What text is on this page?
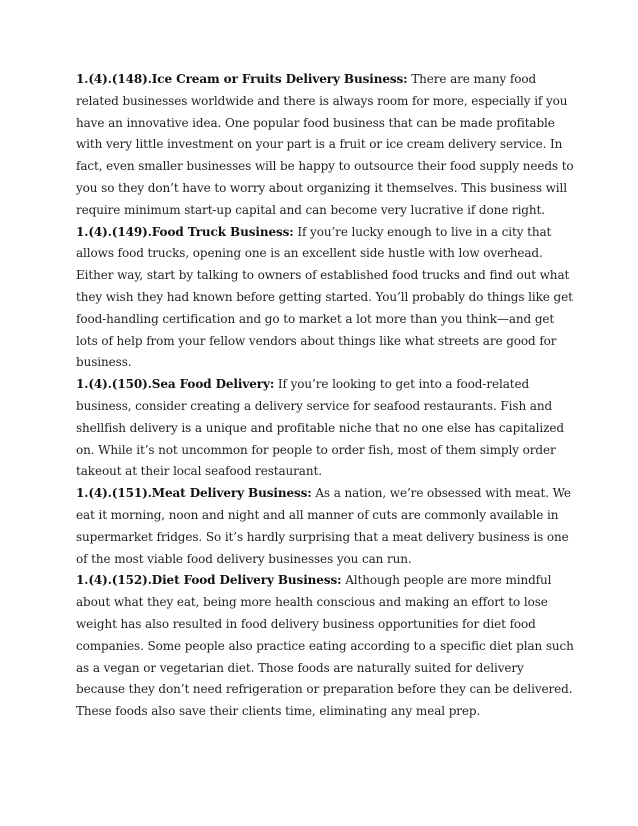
1.(4).(148).Ice Cream or Fruits Delivery Business: There are many food related businesses worldwide and there is always room for more, especially if you have an innovative idea. One popular food business that can be made profitable with very little investment on your part is a fruit or ice cream delivery service. In fact, even smaller businesses will be happy to outsource their food supply needs to you so they don’t have to worry about organizing it themselves. This business will require minimum start-up capital and can become very lucrative if done right.

1.(4).(149).Food Truck Business: If you’re lucky enough to live in a city that allows food trucks, opening one is an excellent side hustle with low overhead. Either way, start by talking to owners of established food trucks and find out what they wish they had known before getting started. You’ll probably do things like get food-handling certification and go to market a lot more than you think—and get lots of help from your fellow vendors about things like what streets are good for business.

1.(4).(150).Sea Food Delivery: If you’re looking to get into a food-related business, consider creating a delivery service for seafood restaurants. Fish and shellfish delivery is a unique and profitable niche that no one else has capitalized on. While it’s not uncommon for people to order fish, most of them simply order takeout at their local seafood restaurant.

1.(4).(151).Meat Delivery Business: As a nation, we’re obsessed with meat. We eat it morning, noon and night and all manner of cuts are commonly available in supermarket fridges. So it’s hardly surprising that a meat delivery business is one of the most viable food delivery businesses you can run.

1.(4).(152).Diet Food Delivery Business: Although people are more mindful about what they eat, being more health conscious and making an effort to lose weight has also resulted in food delivery business opportunities for diet food companies. Some people also practice eating according to a specific diet plan such as a vegan or vegetarian diet. Those foods are naturally suited for delivery because they don’t need refrigeration or preparation before they can be delivered. These foods also save their clients time, eliminating any meal prep.
